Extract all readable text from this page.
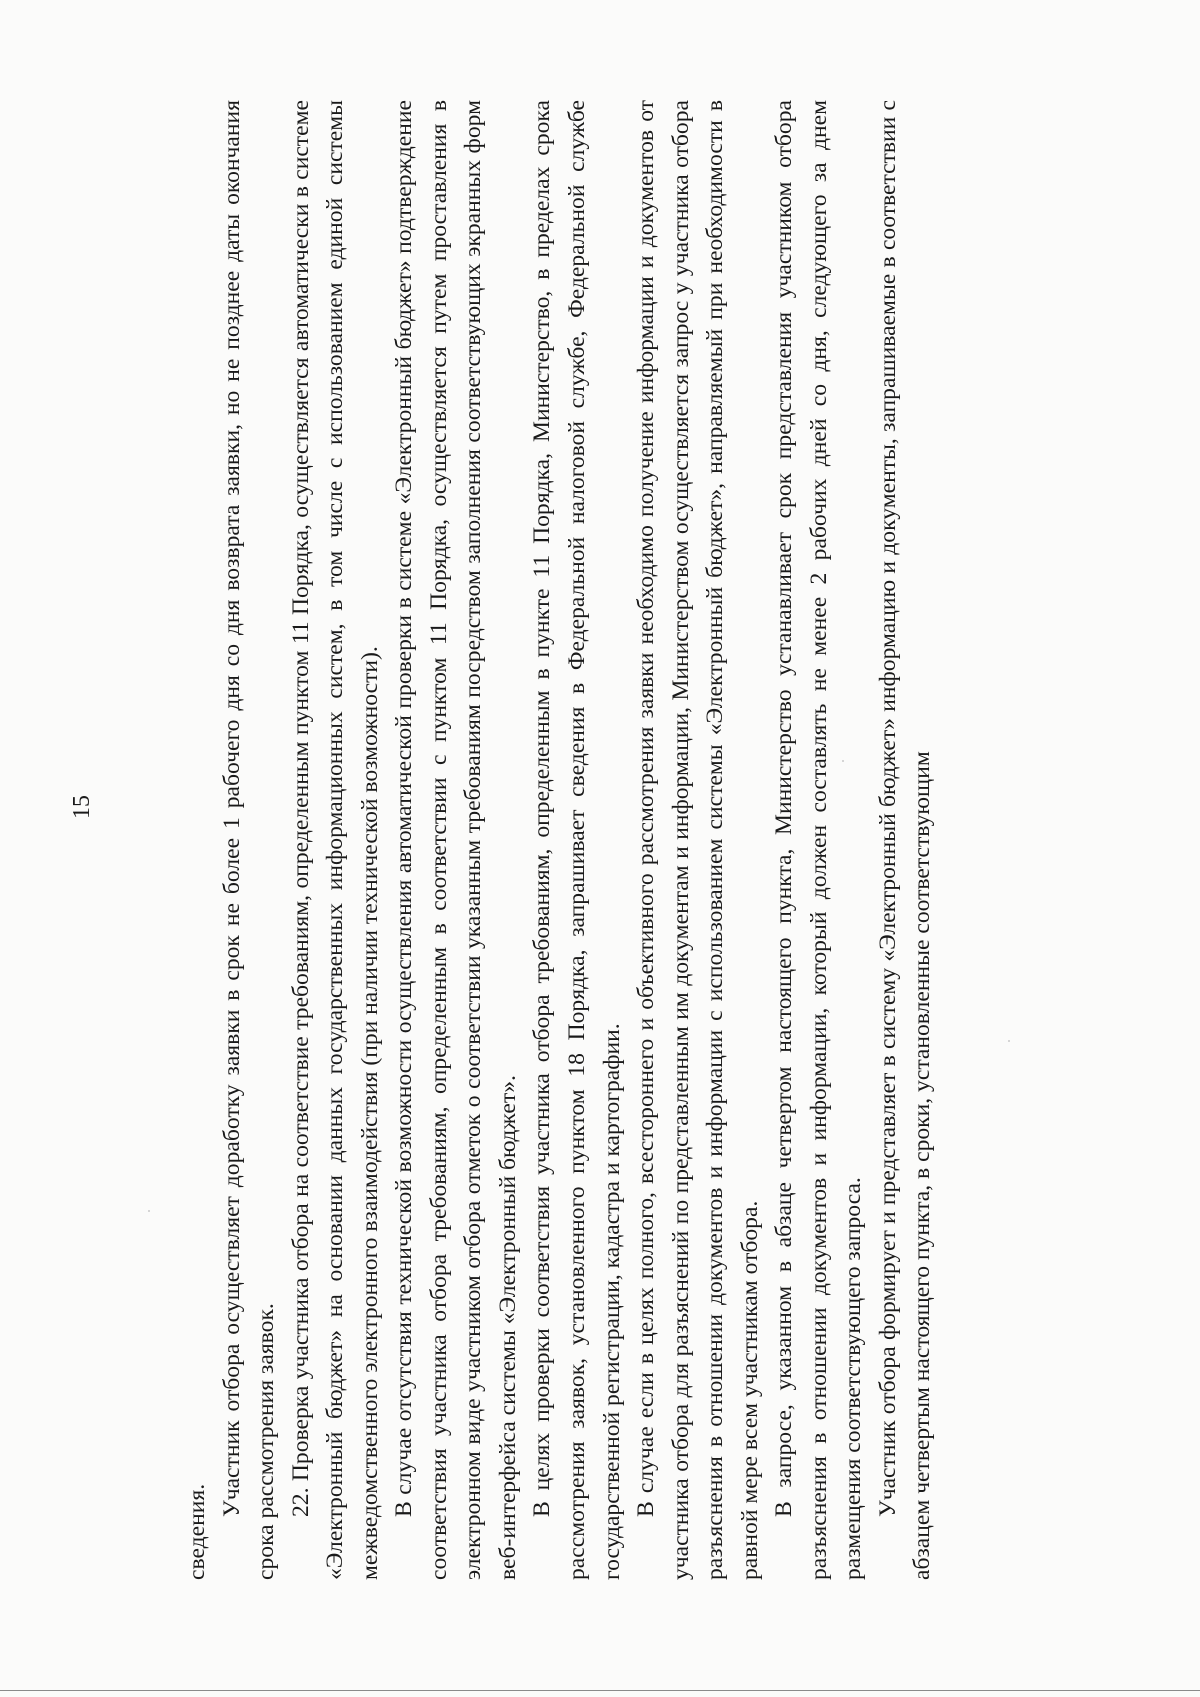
15

сведения.

Участник отбора осуществляет доработку заявки в срок не более 1 рабочего дня со дня возврата заявки, но не позднее даты окончания срока рассмотрения заявок. 22. Проверка участника отбора на соответствие требованиям, определенным пунктом 11 Порядка, осуществляется автоматически в системе «Электронный бюджет» на основании данных государственных информационных систем, в том числе с использованием единой системы межведомственного электронного взаимодействия (при наличии технической возможности). В случае отсутствия технической возможности осуществления автоматической проверки в системе «Электронный бюджет» подтверждение соответствия участника отбора требованиям, определенным в соответствии с пунктом 11 Порядка, осуществляется путем проставления в электронном виде участником отбора отметок о соответствии указанным требованиям посредством заполнения соответствующих экранных форм веб-интерфейса системы «Электронный бюджет». В целях проверки соответствия участника отбора требованиям, определенным в пункте 11 Порядка, Министерство, в пределах срока рассмотрения заявок, установленного пунктом 18 Порядка, запрашивает сведения в Федеральной налоговой службе, Федеральной службе государственной регистрации, кадастра и картографии. В случае если в целях полного, всестороннего и объективного рассмотрения заявки необходимо получение информации и документов от участника отбора для разъяснений по представленным им документам и информации, Министерством осуществляется запрос у участника отбора разъяснения в отношении документов и информации с использованием системы «Электронный бюджет», направляемый при необходимости в равной мере всем участникам отбора. В запросе, указанном в абзаце четвертом настоящего пункта, Министерство устанавливает срок представления участником отбора разъяснения в отношении документов и информации, который должен составлять не менее 2 рабочих дней со дня, следующего за днем размещения соответствующего запроса. Участник отбора формирует и представляет в систему «Электронный бюджет» информацию и документы, запрашиваемые в соответствии с абзацем четвертым настоящего пункта, в сроки, установленные соответствующим
